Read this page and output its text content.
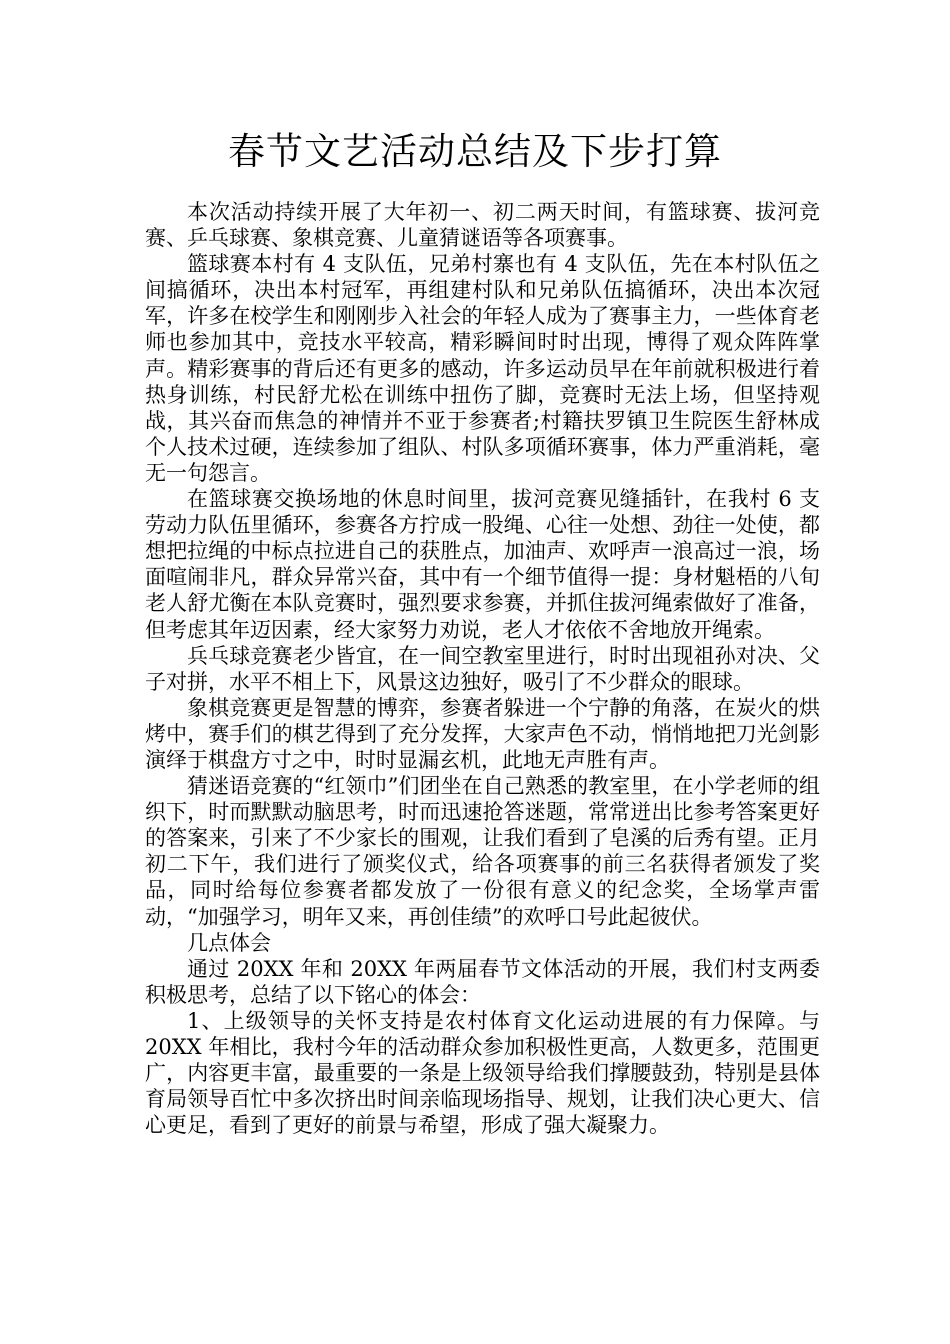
春节文艺活动总结及下步打算

本次活动持续开展了大年初一、初二两天时间，有篮球赛、拔河竞赛、乒乓球赛、象棋竞赛、儿童猜谜语等各项赛事。

篮球赛本村有 4 支队伍，兄弟村寨也有 4 支队伍，先在本村队伍之间搞循环，决出本村冠军，再组建村队和兄弟队伍搞循环，决出本次冠军，许多在校学生和刚刚步入社会的年轻人成为了赛事主力，一些体育老师也参加其中，竞技水平较高，精彩瞬间时时出现，博得了观众阵阵掌声。精彩赛事的背后还有更多的感动，许多运动员早在年前就积极进行着热身训练，村民舒尤松在训练中扭伤了脚，竞赛时无法上场，但坚持观战，其兴奋而焦急的神情并不亚于参赛者;村籍扶罗镇卫生院医生舒林成个人技术过硬，连续参加了组队、村队多项循环赛事，体力严重消耗，毫无一句怨言。

在篮球赛交换场地的休息时间里，拔河竞赛见缝插针，在我村 6 支劳动力队伍里循环，参赛各方拧成一股绳、心往一处想、劲往一处使，都想把拉绳的中标点拉进自己的获胜点，加油声、欢呼声一浪高过一浪，场面喧闹非凡，群众异常兴奋，其中有一个细节值得一提：身材魁梧的八旬老人舒尤衡在本队竞赛时，强烈要求参赛，并抓住拔河绳索做好了准备，但考虑其年迈因素，经大家努力劝说，老人才依依不舍地放开绳索。

兵乓球竞赛老少皆宜，在一间空教室里进行，时时出现祖孙对决、父子对拼，水平不相上下，风景这边独好，吸引了不少群众的眼球。

象棋竞赛更是智慧的博弈，参赛者躲进一个宁静的角落，在炭火的烘烤中，赛手们的棋艺得到了充分发挥，大家声色不动，悄悄地把刀光剑影演绎于棋盘方寸之中，时时显漏玄机，此地无声胜有声。

猜迷语竞赛的“红领巾”们团坐在自己熟悉的教室里，在小学老师的组织下，时而默默动脑思考，时而迅速抢答迷题，常常迸出比参考答案更好的答案来，引来了不少家长的围观，让我们看到了皂溪的后秀有望。正月初二下午，我们进行了颁奖仪式，给各项赛事的前三名获得者颁发了奖品，同时给每位参赛者都发放了一份很有意义的纪念奖，全场掌声雷动，“加强学习，明年又来，再创佳绩”的欢呼口号此起彼伏。

几点体会

通过 20XX 年和 20XX 年两届春节文体活动的开展，我们村支两委积极思考，总结了以下铭心的体会：

1、上级领导的关怀支持是农村体育文化运动进展的有力保障。与 20XX 年相比，我村今年的活动群众参加积极性更高，人数更多，范围更广，内容更丰富，最重要的一条是上级领导给我们撑腰鼓劲，特别是县体育局领导百忙中多次挤出时间亲临现场指导、规划，让我们决心更大、信心更足，看到了更好的前景与希望，形成了强大凝聚力。
